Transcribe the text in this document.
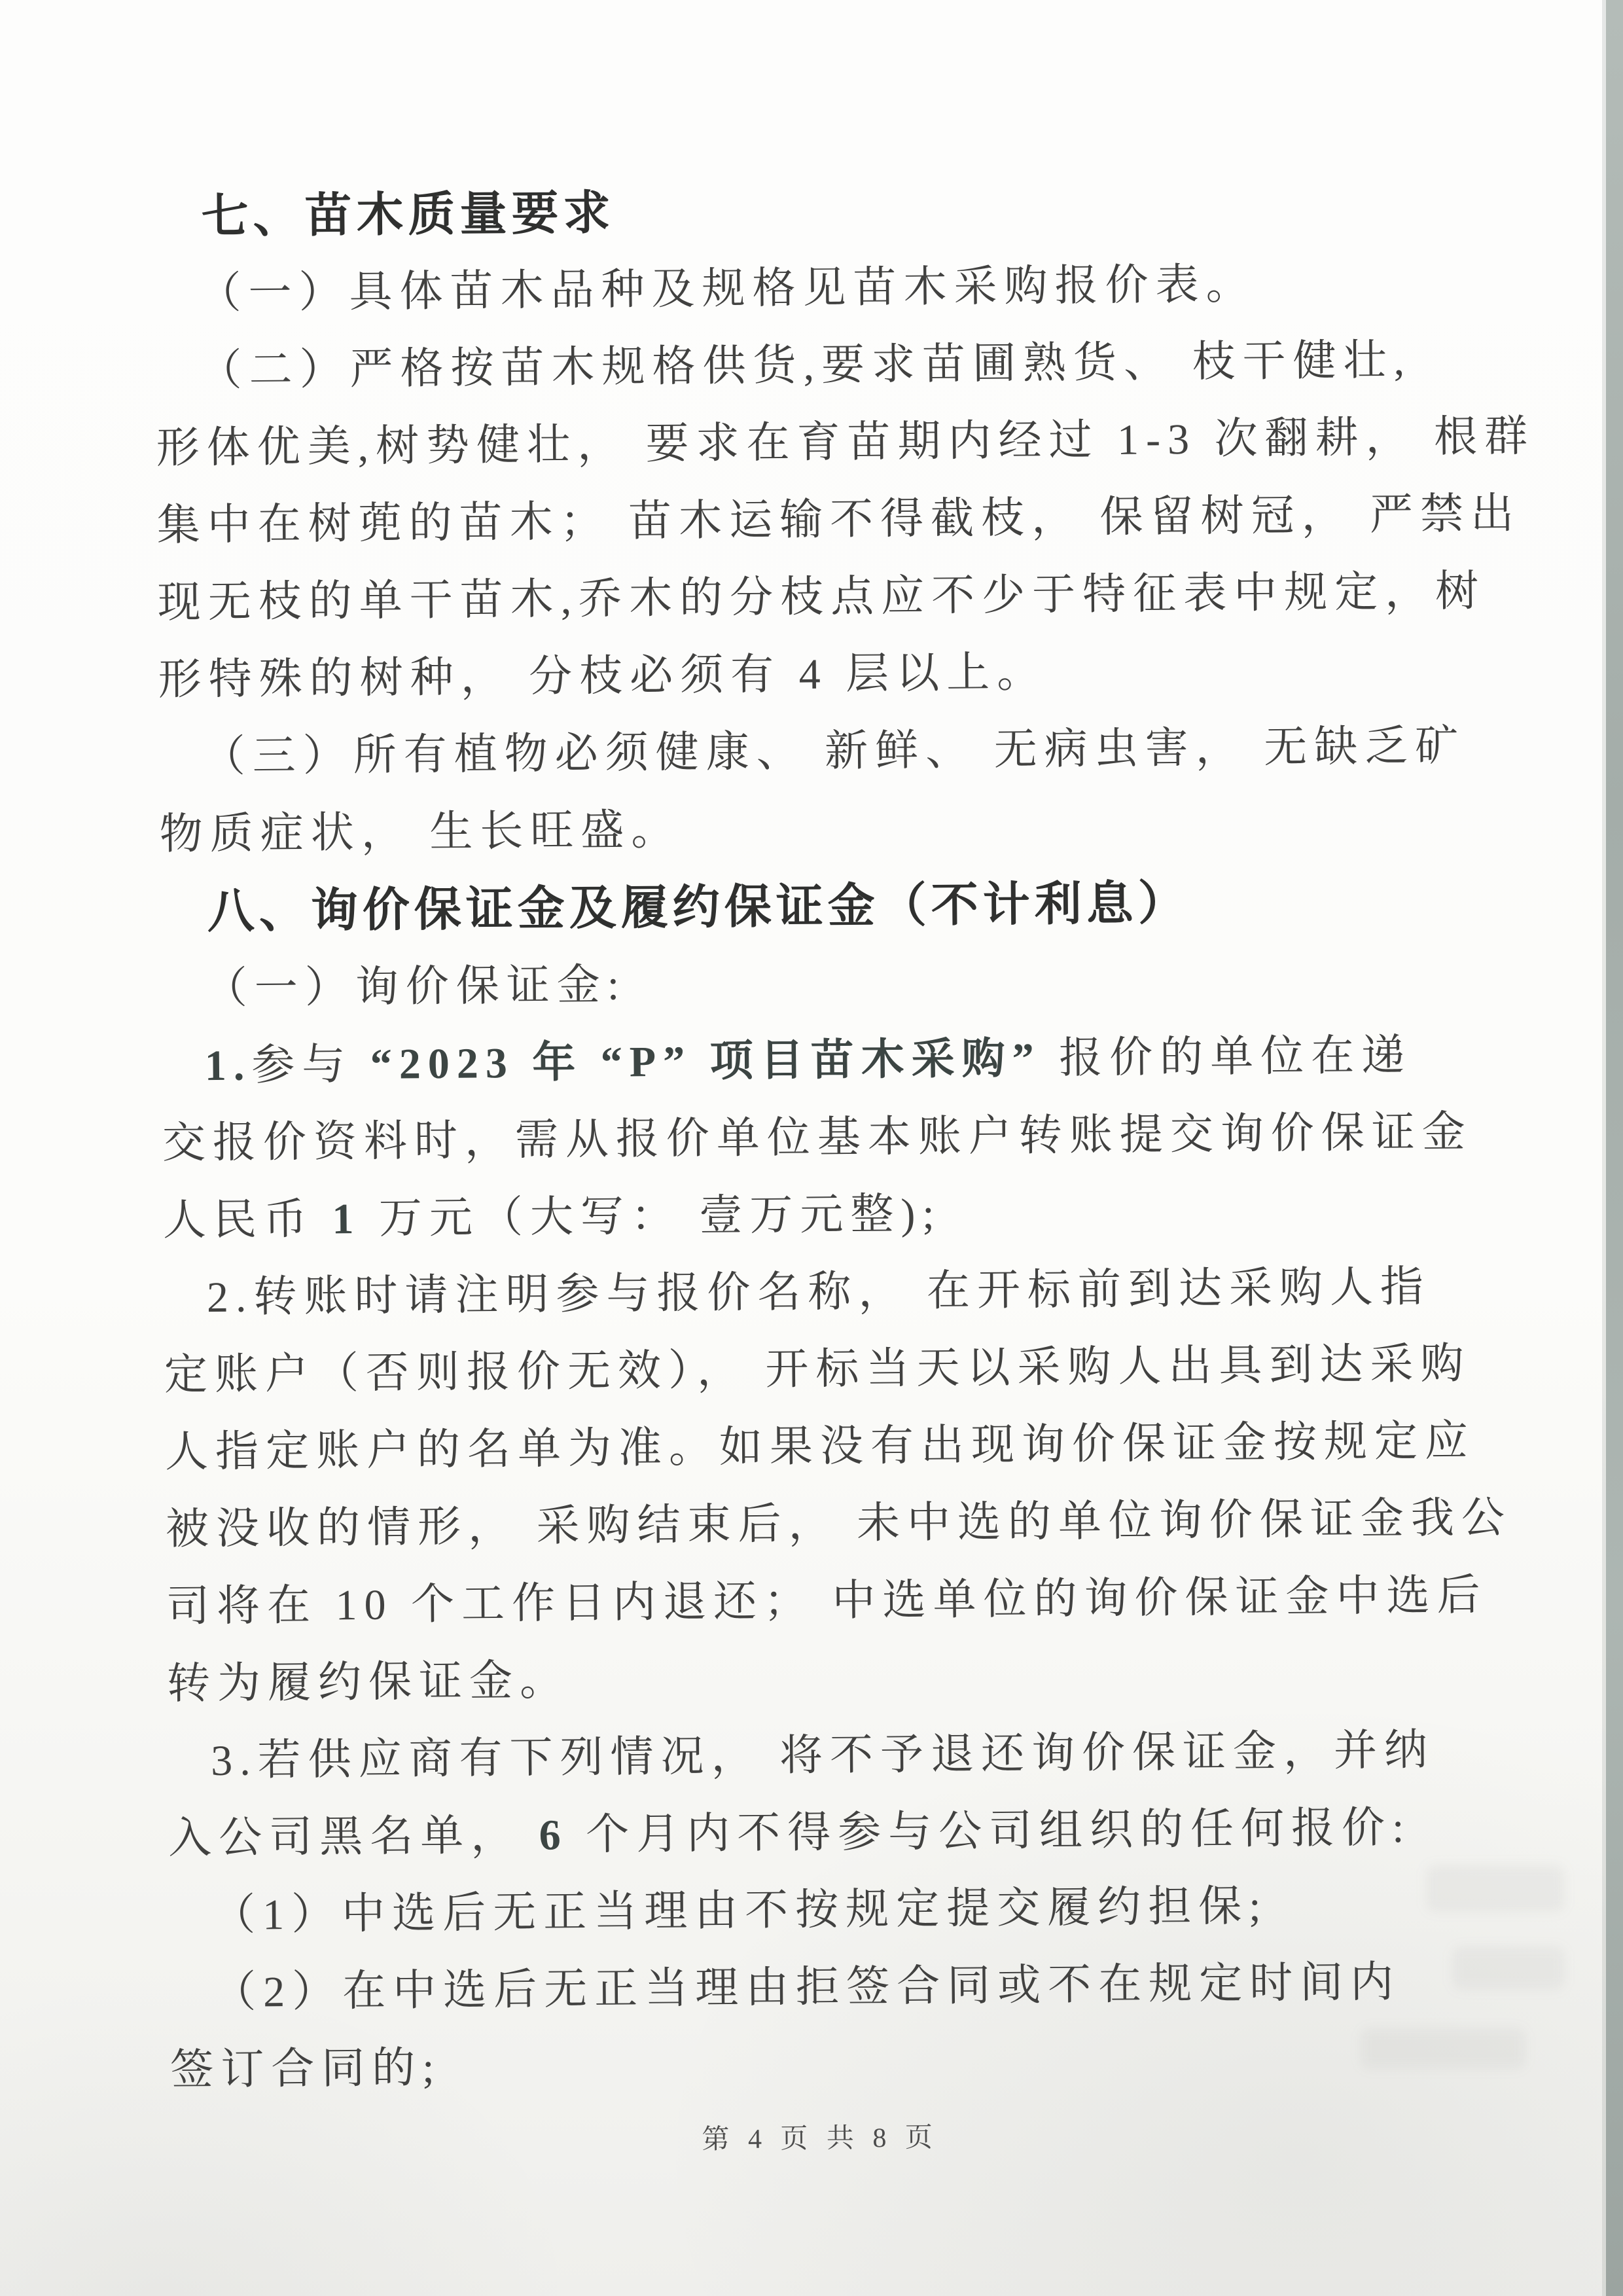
七、苗木质量要求
（一）具体苗木品种及规格见苗木采购报价表。
（二）严格按苗木规格供货,要求苗圃熟货、 枝干健壮,
形体优美,树势健壮， 要求在育苗期内经过 1-3 次翻耕， 根群
集中在树蔸的苗木； 苗木运输不得截枝， 保留树冠， 严禁出
现无枝的单干苗木,乔木的分枝点应不少于特征表中规定，树
形特殊的树种， 分枝必须有 4 层以上。
（三）所有植物必须健康、 新鲜、 无病虫害， 无缺乏矿
物质症状， 生长旺盛。
八、询价保证金及履约保证金（不计利息）
（一）询价保证金:
1.参与 “2023 年 “P” 项目苗木采购” 报价的单位在递
交报价资料时，需从报价单位基本账户转账提交询价保证金
人民币 1 万元（大写： 壹万元整);
2.转账时请注明参与报价名称， 在开标前到达采购人指
定账户（否则报价无效）， 开标当天以采购人出具到达采购
人指定账户的名单为准。如果没有出现询价保证金按规定应
被没收的情形， 采购结束后， 未中选的单位询价保证金我公
司将在 10 个工作日内退还； 中选单位的询价保证金中选后
转为履约保证金。
3.若供应商有下列情况， 将不予退还询价保证金，并纳
入公司黑名单， 6 个月内不得参与公司组织的任何报价:
（1）中选后无正当理由不按规定提交履约担保;
（2）在中选后无正当理由拒签合同或不在规定时间内
签订合同的;
第 4 页 共 8 页
